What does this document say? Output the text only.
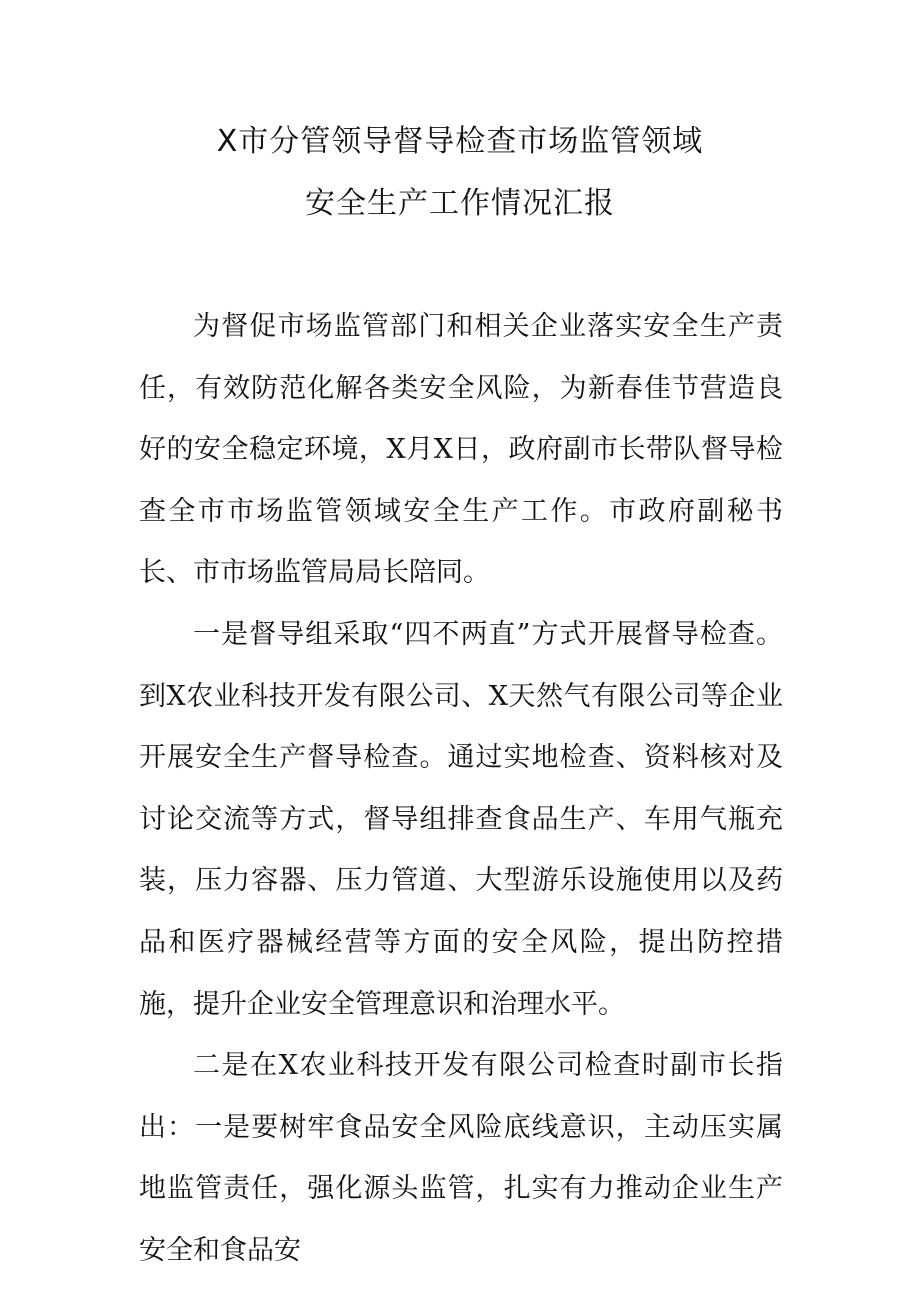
X市分管领导督导检查市场监管领域
安全生产工作情况汇报

为督促市场监管部门和相关企业落实安全生产责任，有效防范化解各类安全风险，为新春佳节营造良好的安全稳定环境，X月X日，政府副市长带队督导检查全市市场监管领域安全生产工作。市政府副秘书长、市市场监管局局长陪同。

一是督导组采取“四不两直”方式开展督导检查。到X农业科技开发有限公司、X天然气有限公司等企业开展安全生产督导检查。通过实地检查、资料核对及讨论交流等方式，督导组排查食品生产、车用气瓶充装，压力容器、压力管道、大型游乐设施使用以及药品和医疗器械经营等方面的安全风险，提出防控措施，提升企业安全管理意识和治理水平。

二是在X农业科技开发有限公司检查时副市长指出：一是要树牢食品安全风险底线意识，主动压实属地监管责任，强化源头监管，扎实有力推动企业生产安全和食品安
